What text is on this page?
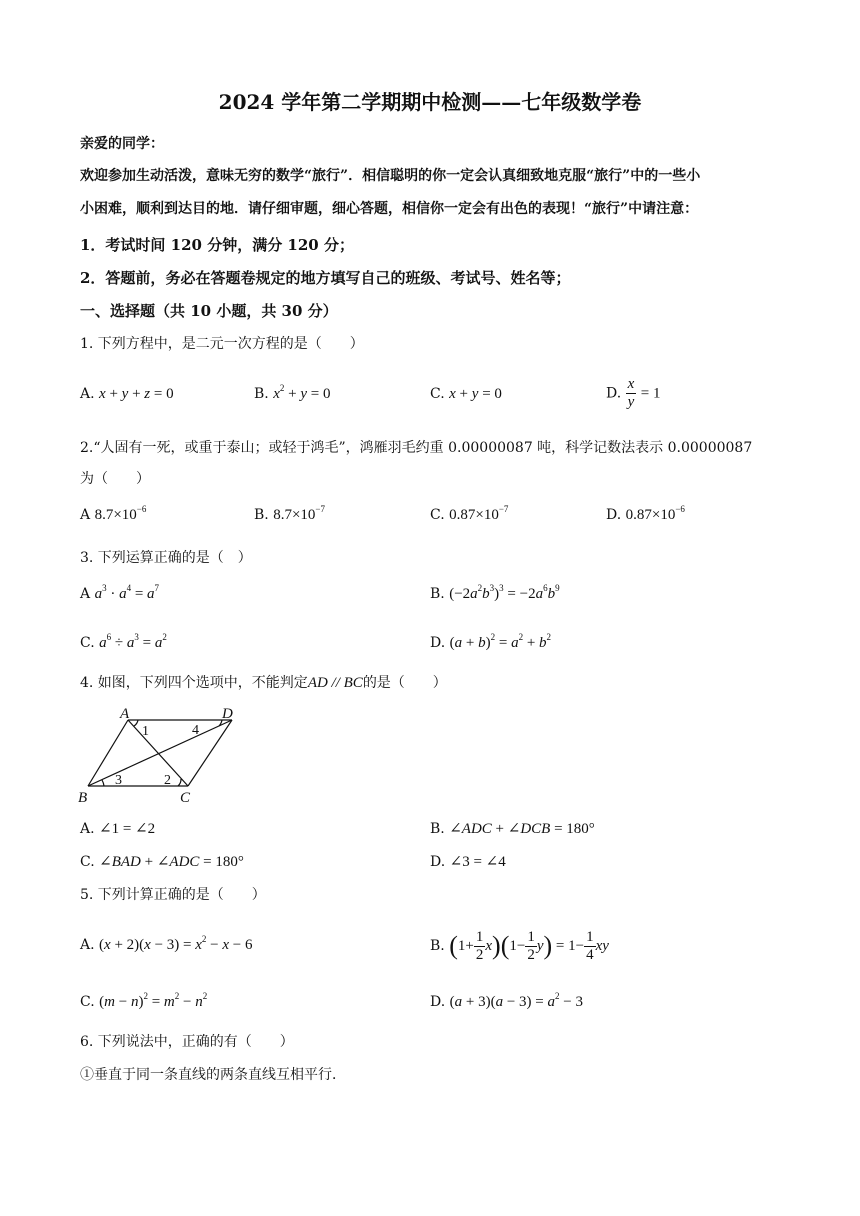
2024 学年第二学期期中检测——七年级数学卷
亲爱的同学：
欢迎参加生动活泼，意味无穷的数学“旅行”．相信聪明的你一定会认真细致地克服“旅行”中的一些小
小困难，顺利到达目的地．请仔细审题，细心答题，相信你一定会有出色的表现！“旅行”中请注意：
1．考试时间 120 分钟，满分 120 分；
2．答题前，务必在答题卷规定的地方填写自己的班级、考试号、姓名等；
一、选择题（共 10 小题，共 30 分）
1. 下列方程中，是二元一次方程的是（　　）
A. x + y + z = 0	B. $x^2 + y = 0$	C. x + y = 0	D. $\frac{x}{y} = 1$
2.“人固有一死，或重于泰山；或轻于鸿毛”，鸿雁羽毛约重 0.00000087 吨，科学记数法表示 0.00000087
为（　　）
A $8.7\times 10^{-6}$	B. $8.7\times 10^{-7}$	C. $0.87\times 10^{-7}$	D. $0.87\times 10^{-6}$
3. 下列运算正确的是（　）
A $a^3 \cdot a^4 = a^7$	B. $(-2a^2b^3)^3 = -2a^6b^9$
C. $a^6 \div a^3 = a^2$	D. $(a + b)^2 = a^2 + b^2$
4. 如图，下列四个选项中，不能判定AD // BC的是（　　）
A	D
B	C
1
2
3
4
A. ∠1 = ∠2	B. ∠ADC + ∠DCB = 180°
C. ∠BAD + ∠ADC = 180°	D. ∠3 = ∠4
5. 下列计算正确的是（　　）
A. $(x + 2)(x - 3) = x^2 - x - 6$	B. $(1+ \frac{1}{2} x)(1- \frac{1}{2} y) = 1- \frac{1}{4}$ xy
C. $(m - n)^2 = m^2 - n^2$	D. $(a + 3)(a - 3) = a^2 - 3$
6. 下列说法中，正确的有（　　）
①垂直于同一条直线的两条直线互相平行．
